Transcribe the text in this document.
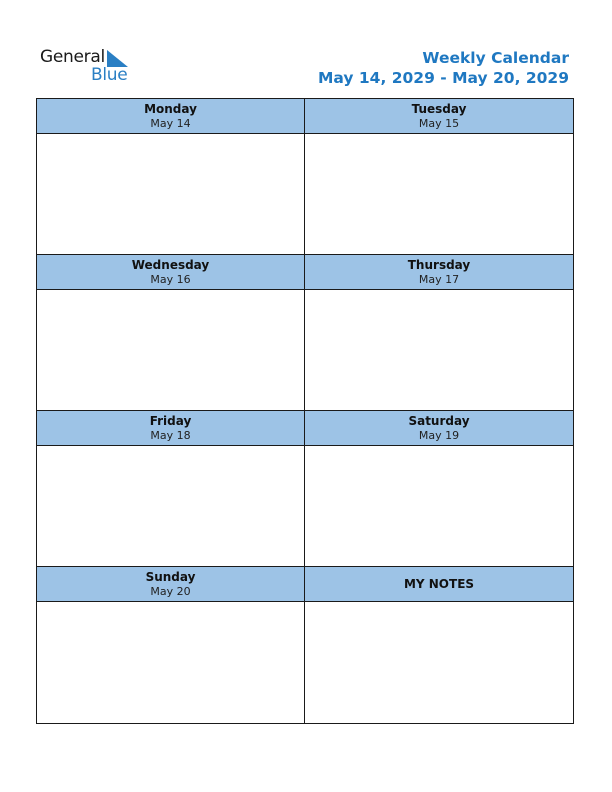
General
Blue
Weekly Calendar
May 14, 2029 - May 20, 2029
Monday
May 14
Tuesday
May 15
Wednesday
May 16
Thursday
May 17
Friday
May 18
Saturday
May 19
Sunday
May 20	MY NOTES
